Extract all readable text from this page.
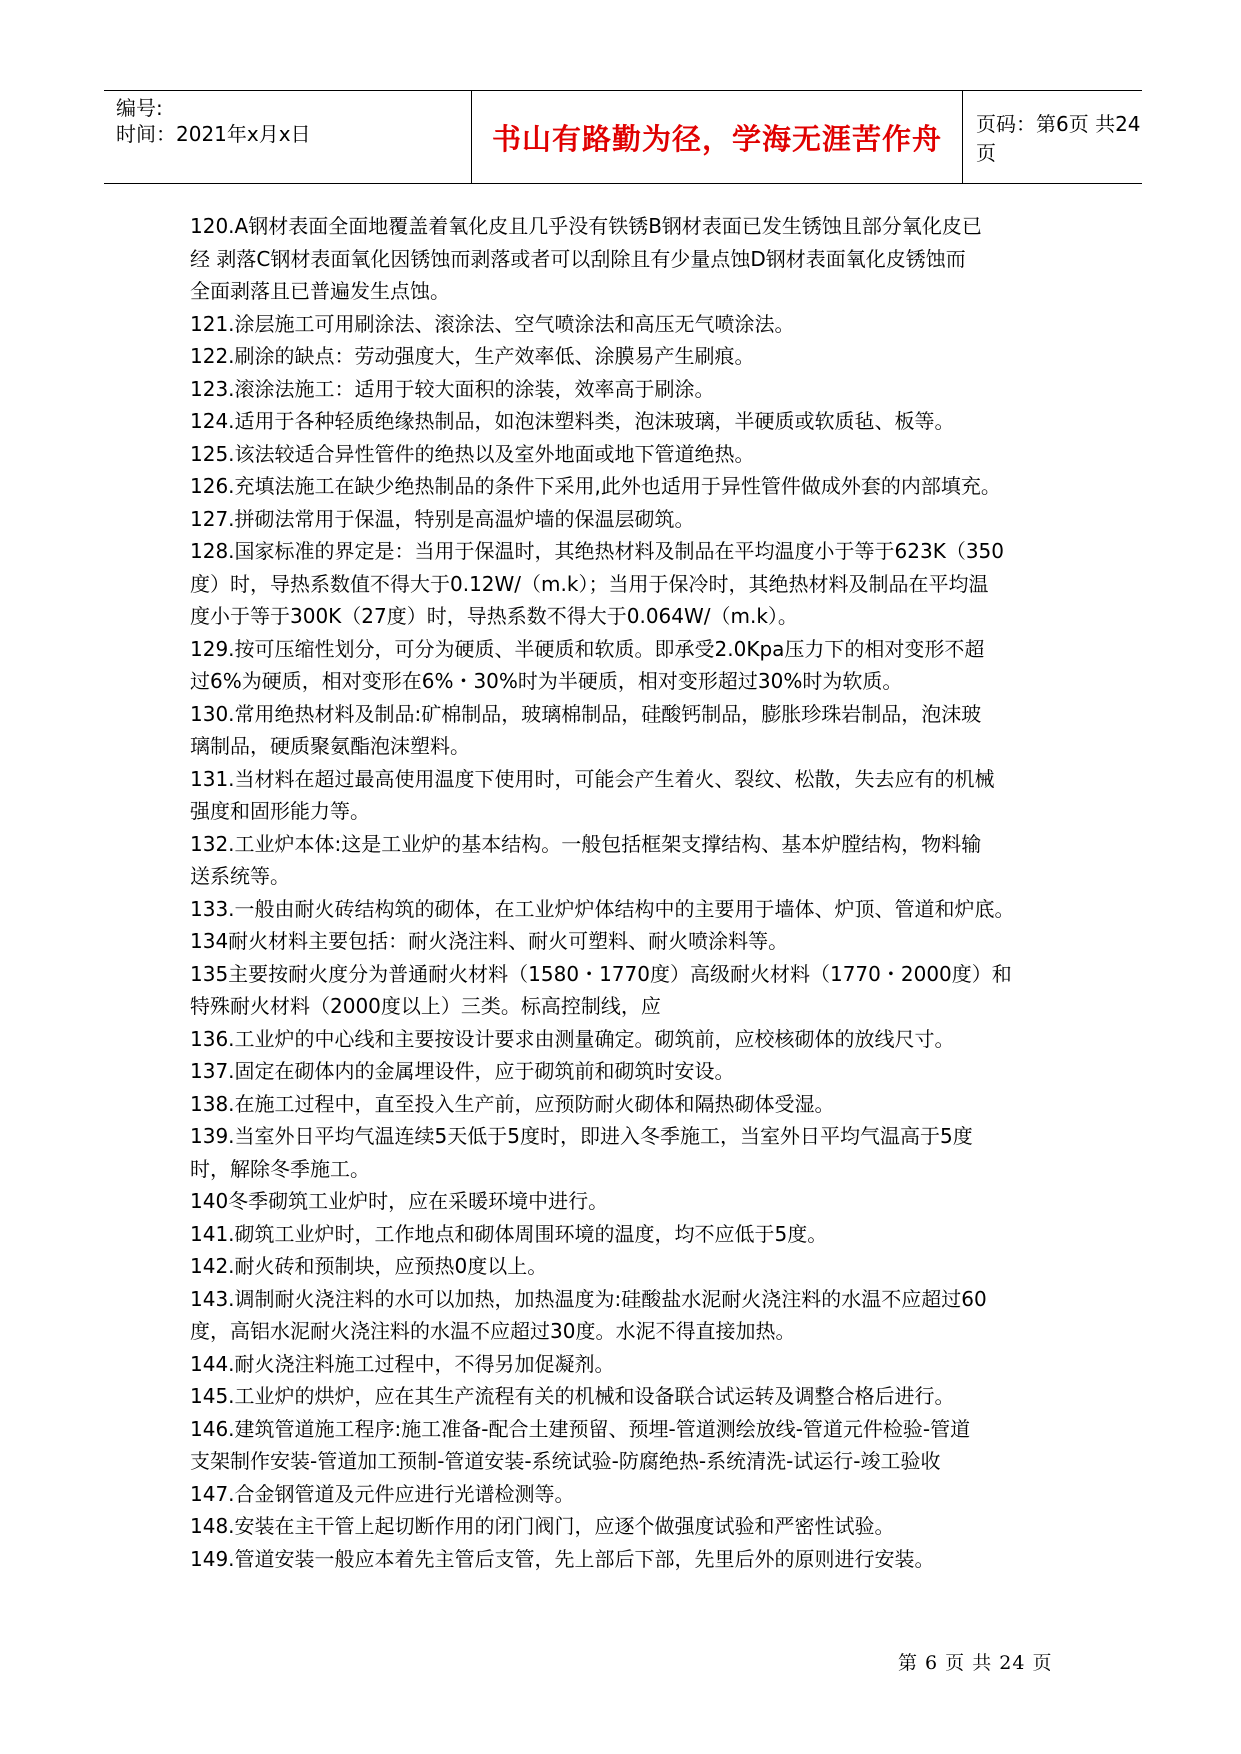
编号:
时间：2021年x月x日	书山有路勤为径，学海无涯苦作舟	页码：第6页 共24页

120.A钢材表面全面地覆盖着氧化皮且几乎没有铁锈B钢材表面已发生锈蚀且部分氧化皮已

经 剥落C钢材表面氧化因锈蚀而剥落或者可以刮除且有少量点蚀D钢材表面氧化皮锈蚀而

全面剥落且已普遍发生点蚀。

121.涂层施工可用刷涂法、滚涂法、空气喷涂法和高压无气喷涂法。

122.刷涂的缺点：劳动强度大，生产效率低、涂膜易产生刷痕。

123.滚涂法施工：适用于较大面积的涂装，效率高于刷涂。

124.适用于各种轻质绝缘热制品，如泡沫塑料类，泡沫玻璃，半硬质或软质毡、板等。

125.该法较适合异性管件的绝热以及室外地面或地下管道绝热。

126.充填法施工在缺少绝热制品的条件下采用,此外也适用于异性管件做成外套的内部填充。

127.拼砌法常用于保温，特别是高温炉墙的保温层砌筑。

128.国家标准的界定是：当用于保温时，其绝热材料及制品在平均温度小于等于623K（350

度）时，导热系数值不得大于0.12W/（m.k）；当用于保冷时，其绝热材料及制品在平均温

度小于等于300K（27度）时，导热系数不得大于0.064W/（m.k）。

129.按可压缩性划分，可分为硬质、半硬质和软质。即承受2.0Kpa压力下的相对变形不超

过6%为硬质，相对变形在6%・30%时为半硬质，相对变形超过30%时为软质。

130.常用绝热材料及制品:矿棉制品，玻璃棉制品，硅酸钙制品，膨胀珍珠岩制品，泡沫玻

璃制品，硬质聚氨酯泡沫塑料。

131.当材料在超过最高使用温度下使用时，可能会产生着火、裂纹、松散，失去应有的机械

强度和固形能力等。

132.工业炉本体:这是工业炉的基本结构。一般包括框架支撑结构、基本炉膛结构，物料输

送系统等。

133.一般由耐火砖结构筑的砌体，在工业炉炉体结构中的主要用于墙体、炉顶、管道和炉底。

134耐火材料主要包括：耐火浇注料、耐火可塑料、耐火喷涂料等。

135主要按耐火度分为普通耐火材料（1580・1770度）高级耐火材料（1770・2000度）和

特殊耐火材料（2000度以上）三类。标高控制线，应

136.工业炉的中心线和主要按设计要求由测量确定。砌筑前，应校核砌体的放线尺寸。

137.固定在砌体内的金属埋设件，应于砌筑前和砌筑时安设。

138.在施工过程中，直至投入生产前，应预防耐火砌体和隔热砌体受湿。

139.当室外日平均气温连续5天低于5度时，即进入冬季施工，当室外日平均气温高于5度

时，解除冬季施工。

140冬季砌筑工业炉时，应在采暖环境中进行。

141.砌筑工业炉时，工作地点和砌体周围环境的温度，均不应低于5度。

142.耐火砖和预制块，应预热0度以上。

143.调制耐火浇注料的水可以加热，加热温度为:硅酸盐水泥耐火浇注料的水温不应超过60

度，高铝水泥耐火浇注料的水温不应超过30度。水泥不得直接加热。

144.耐火浇注料施工过程中，不得另加促凝剂。

145.工业炉的烘炉，应在其生产流程有关的机械和设备联合试运转及调整合格后进行。

146.建筑管道施工程序:施工准备-配合土建预留、预埋-管道测绘放线-管道元件检验-管道

支架制作安装-管道加工预制-管道安装-系统试验-防腐绝热-系统清洗-试运行-竣工验收

147.合金钢管道及元件应进行光谱检测等。

148.安装在主干管上起切断作用的闭门阀门，应逐个做强度试验和严密性试验。

149.管道安装一般应本着先主管后支管，先上部后下部，先里后外的原则进行安装。

第 6 页 共 24 页
